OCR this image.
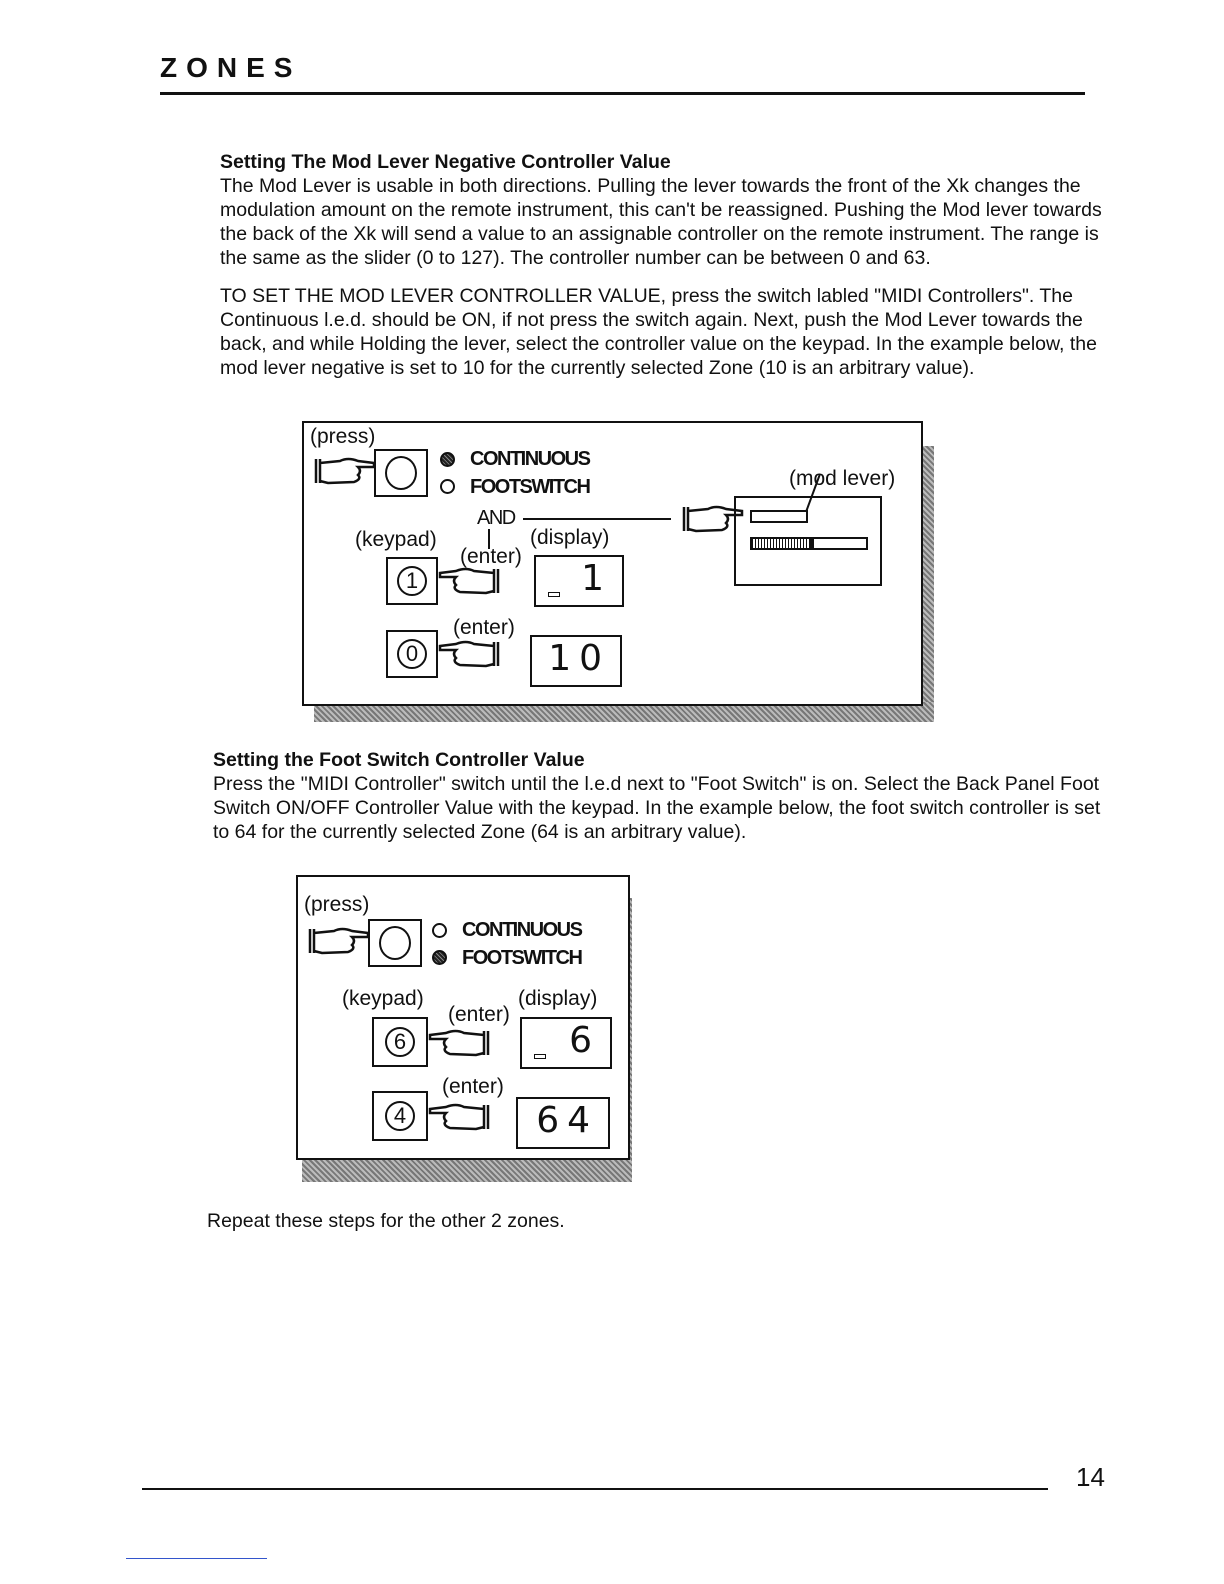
ZONES
Setting The Mod Lever Negative Controller Value

The Mod Lever is usable in both directions. Pulling the lever towards the front of the Xk changes the modulation amount on the remote instrument, this can't be reassigned. Pushing the Mod lever towards the back of the Xk will send a value to an assignable controller on the remote instrument. The range is the same as the slider (0 to 127). The controller number can be between 0 and 63.

TO SET THE MOD LEVER CONTROLLER VALUE, press the switch labled "MIDI Controllers". The Continuous l.e.d. should be ON, if not press the switch again. Next, push the Mod Lever towards the back, and while Holding the lever, select the controller value on the keypad. In the example below, the mod lever negative is set to 10 for the currently selected Zone (10 is an arbitrary value).

(press)
CONTINUOUS
FOOTSWITCH
AND
(mod lever)
(keypad)
(enter)
(display)
1	1
(enter)
0	10
Setting the Foot Switch Controller Value

Press the "MIDI Controller" switch until the l.e.d next to "Foot Switch" is on. Select the Back Panel Foot Switch ON/OFF Controller Value with the keypad. In the example below, the foot switch controller is set to 64 for the currently selected Zone (64 is an arbitrary value).

(press)
CONTINUOUS
FOOTSWITCH
(keypad)
(enter)
(display)
6	6
(enter)
4	64
Repeat these steps for the other 2 zones.
14
